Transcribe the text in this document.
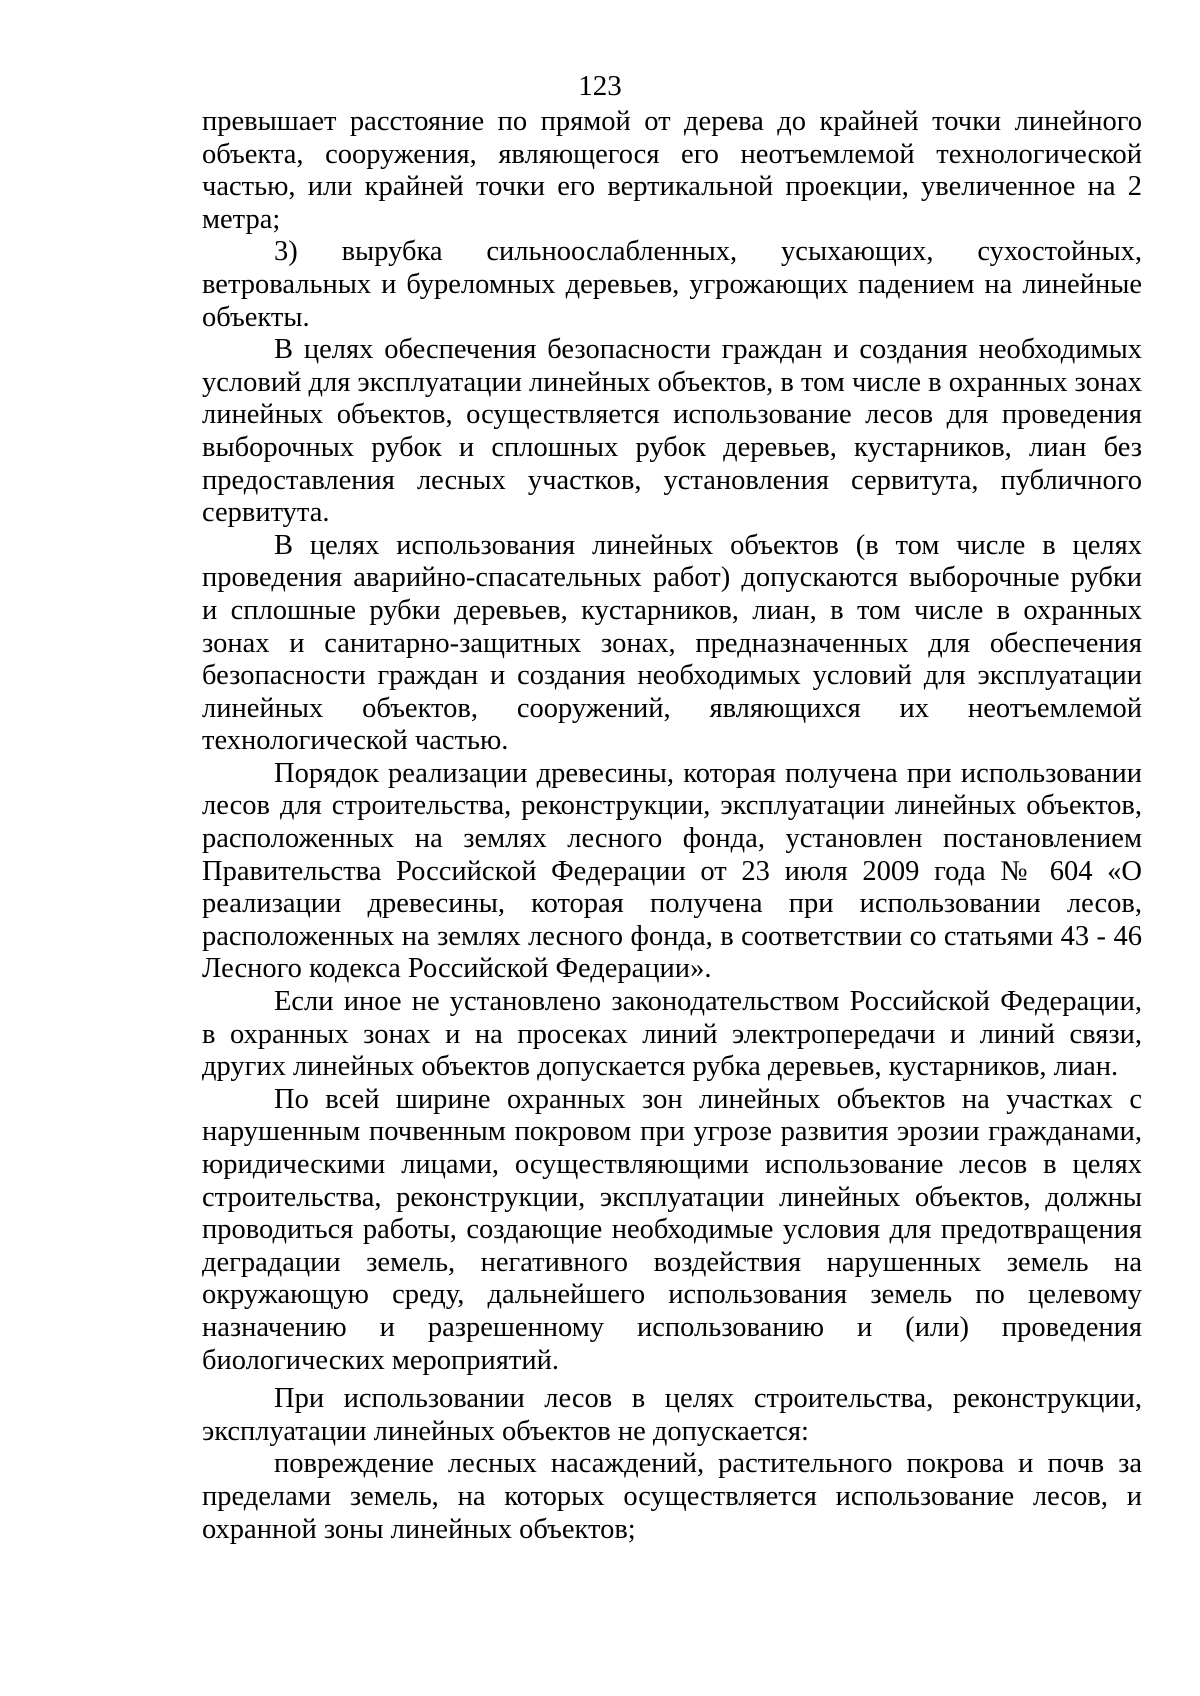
123

превышает расстояние по прямой от дерева до крайней точки линейного объекта, сооружения, являющегося его неотъемлемой технологической частью, или крайней точки его вертикальной проекции, увеличенное на 2 метра;

3) вырубка сильноослабленных, усыхающих, сухостойных, ветровальных и буреломных деревьев, угрожающих падением на линейные объекты.

В целях обеспечения безопасности граждан и создания необходимых условий для эксплуатации линейных объектов, в том числе в охранных зонах линейных объектов, осуществляется использование лесов для проведения выборочных рубок и сплошных рубок деревьев, кустарников, лиан без предоставления лесных участков, установления сервитута, публичного сервитута.

В целях использования линейных объектов (в том числе в целях проведения аварийно-спасательных работ) допускаются выборочные рубки и сплошные рубки деревьев, кустарников, лиан, в том числе в охранных зонах и санитарно-защитных зонах, предназначенных для обеспечения безопасности граждан и создания необходимых условий для эксплуатации линейных объектов, сооружений, являющихся их неотъемлемой технологической частью.

Порядок реализации древесины, которая получена при использовании лесов для строительства, реконструкции, эксплуатации линейных объектов, расположенных на землях лесного фонда, установлен постановлением Правительства Российской Федерации от 23 июля 2009 года № 604 «О реализации древесины, которая получена при использовании лесов, расположенных на землях лесного фонда, в соответствии со статьями 43 - 46 Лесного кодекса Российской Федерации».

Если иное не установлено законодательством Российской Федерации, в охранных зонах и на просеках линий электропередачи и линий связи, других линейных объектов допускается рубка деревьев, кустарников, лиан.

По всей ширине охранных зон линейных объектов на участках с нарушенным почвенным покровом при угрозе развития эрозии гражданами, юридическими лицами, осуществляющими использование лесов в целях строительства, реконструкции, эксплуатации линейных объектов, должны проводиться работы, создающие необходимые условия для предотвращения деградации земель, негативного воздействия нарушенных земель на окружающую среду, дальнейшего использования земель по целевому назначению и разрешенному использованию и (или) проведения биологических мероприятий.

При использовании лесов в целях строительства, реконструкции, эксплуатации линейных объектов не допускается:

повреждение лесных насаждений, растительного покрова и почв за пределами земель, на которых осуществляется использование лесов, и охранной зоны линейных объектов;
